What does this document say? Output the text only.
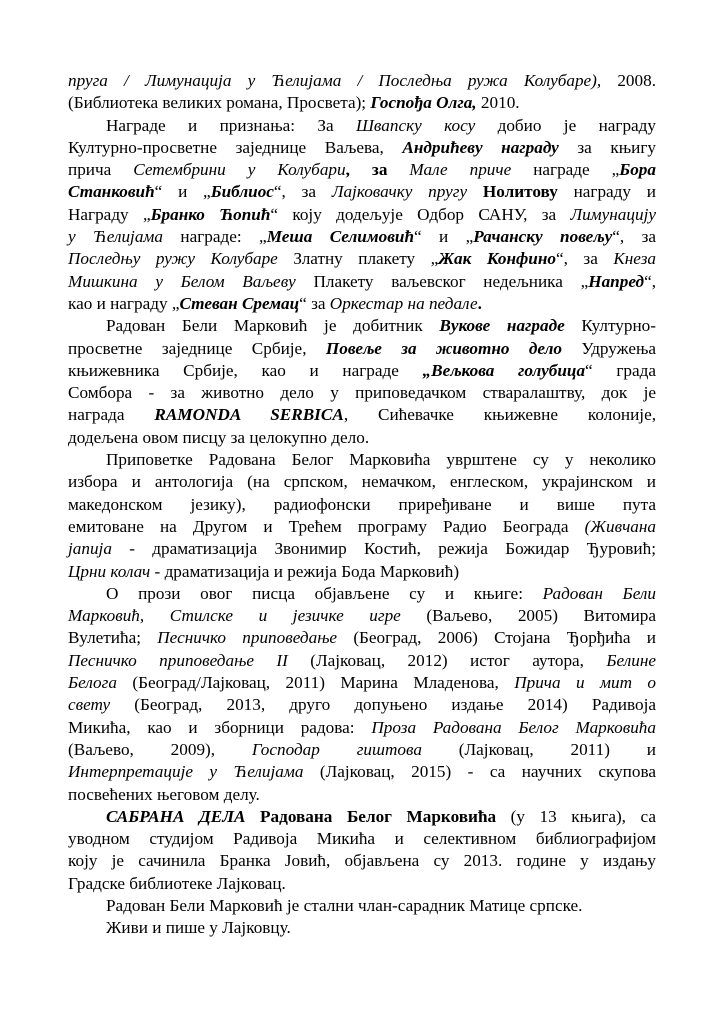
пруга / Лимунација у Ћелијама / Последња ружа Колубаре), 2008.
(Библиотека великих романа, Просвета); Госпођа Олга, 2010.

Награде и признања: За Швапску косу добио је награду
Културно-просветне заједнице Ваљева, Андрићеву награду за књигу
прича Сетембрини у Колубари, за Мале приче награде „Бора
Станковић“ и „Библиос“, за Лајковачку пругу Нолитову награду и
Награду „Бранко Ћопић“ коју додељује Одбор САНУ, за Лимунацију
у Ћелијама награде: „Меша Селимовић“ и „Рачанску повељу“, за
Последњу ружу Колубаре Златну плакету „Жак Конфино“, за Кнеза
Мишкина у Белом Ваљеву Плакету ваљевског недељника „Напред“,
као и награду „Стеван Сремац“ за Оркестар на педале.

Радован Бели Марковић је добитник Вукове награде Културно-
просветне заједнице Србије, Повеље за животно дело Удружења
књижевника Србије, као и награде „Вељкова голубица“ града
Сомбора - за животно дело у приповедачком стваралаштву, док је
награда RAMONDA SERBICA, Сићевачке књижевне колоније,
додељена овом писцу за целокупно дело.

Приповетке Радована Белог Марковића уврштене су у неколико
избора и антологија (на српском, немачком, енглеском, украјинском и
македонском језику), радиофонски приређиване и више пута
емитоване на Другом и Трећем програму Радио Београда (Живчана
јапија - драматизација Звонимир Костић, режија Божидар Ђуровић;
Црни колач - драматизација и режија Бода Марковић)

О прози овог писца објављене су и књиге: Радован Бели
Марковић, Стилске и језичке игре (Ваљево, 2005) Витомира
Вулетића; Песничко приповедање (Београд, 2006) Стојана Ђорђића и
Песничко приповедање II (Лајковац, 2012) истог аутора, Белине
Белога (Београд/Лајковац, 2011) Марина Младенова, Прича и мит о
свету (Београд, 2013, друго допуњено издање 2014) Радивоја
Микића, као и зборници радова: Проза Радована Белог Марковића
(Ваљево, 2009), Господар гиштова (Лајковац, 2011) и
Интерпретације у Ћелијама (Лајковац, 2015) - са научних скупова
посвећених његовом делу.

САБРАНА ДЕЛА Радована Белог Марковића (у 13 књига), са
уводном студијом Радивоја Микића и селективном библиографијом
коју је сачинила Бранка Јовић, објављена су 2013. године у издању
Градске библиотеке Лајковац.

Радован Бели Марковић је стални члан-сарадник Матице српске.

Живи и пише у Лајковцу.
